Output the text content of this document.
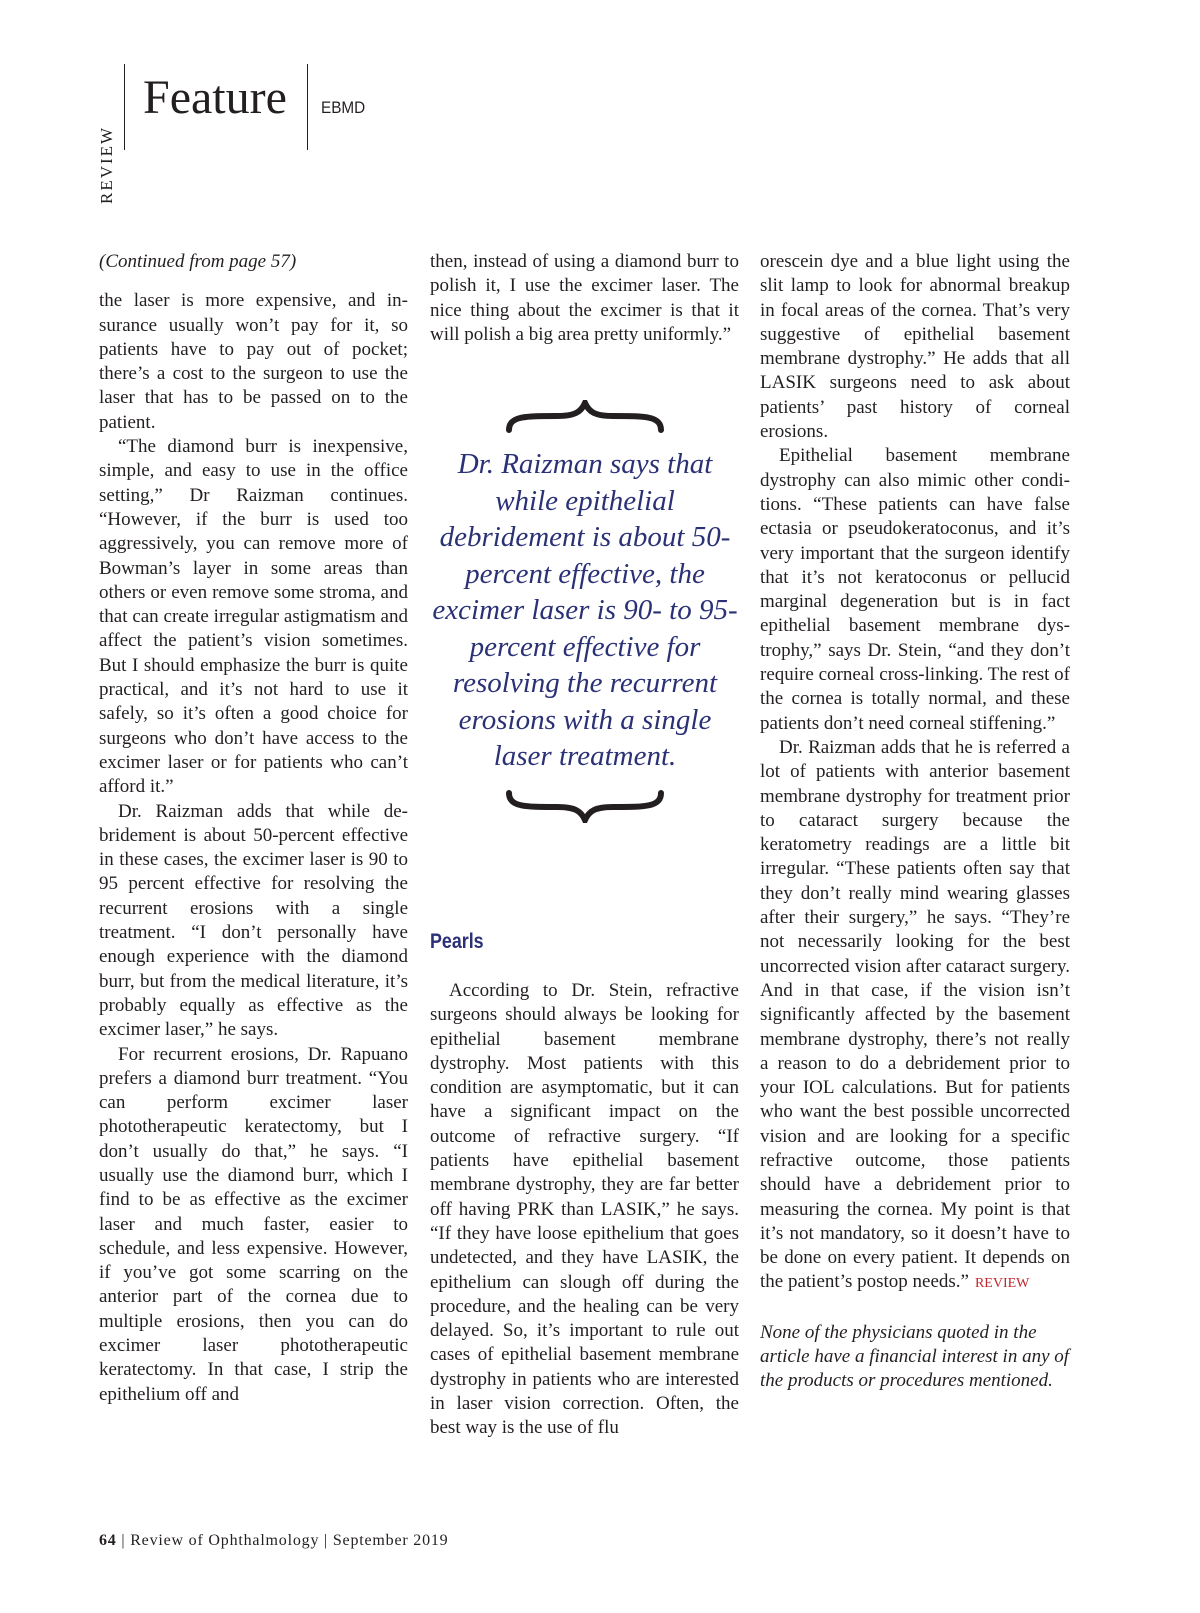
REVIEW
Feature EBMD

(Continued from page 57)

the laser is more expensive, and insurance usually won’t pay for it, so patients have to pay out of pocket; there’s a cost to the surgeon to use the laser that has to be passed on to the patient.

“The diamond burr is inexpensive, simple, and easy to use in the office setting,” Dr Raizman continues. “However, if the burr is used too aggressively, you can remove more of Bowman’s layer in some areas than others or even remove some stroma, and that can create irregular astigmatism and affect the patient’s vision sometimes. But I should emphasize the burr is quite practical, and it’s not hard to use it safely, so it’s often a good choice for surgeons who don’t have access to the excimer laser or for patients who can’t afford it.”

Dr. Raizman adds that while debridement is about 50-percent effective in these cases, the excimer laser is 90 to 95 percent effective for resolving the recurrent erosions with a single treatment. “I don’t personally have enough experience with the diamond burr, but from the medical literature, it’s probably equally as effective as the excimer laser,” he says.

For recurrent erosions, Dr. Rapuano prefers a diamond burr treatment. “You can perform excimer laser phototherapeutic keratectomy, but I don’t usually do that,” he says. “I usually use the diamond burr, which I find to be as effective as the excimer laser and much faster, easier to schedule, and less expensive. However, if you’ve got some scarring on the anterior part of the cornea due to multiple erosions, then you can do excimer laser phototherapeutic keratectomy. In that case, I strip the epithelium off and

then, instead of using a diamond burr to polish it, I use the excimer laser. The nice thing about the excimer is that it will polish a big area pretty uniformly.”

Dr. Raizman says that while epithelial debridement is about 50-percent effective, the excimer laser is 90- to 95-percent effective for resolving the recurrent erosions with a single laser treatment.
Pearls

According to Dr. Stein, refractive surgeons should always be looking for epithelial basement membrane dystrophy. Most patients with this condition are asymptomatic, but it can have a significant impact on the outcome of refractive surgery. “If patients have epithelial basement membrane dystrophy, they are far better off having PRK than LASIK,” he says. “If they have loose epithelium that goes undetected, and they have LASIK, the epithelium can slough off during the procedure, and the healing can be very delayed. So, it’s important to rule out cases of epithelial basement membrane dystrophy in patients who are interested in laser vision correction. Often, the best way is the use of flu

orescein dye and a blue light using the slit lamp to look for abnormal breakup in focal areas of the cornea. That’s very suggestive of epithelial basement membrane dystrophy.” He adds that all LASIK surgeons need to ask about patients’ past history of corneal erosions.

Epithelial basement membrane dystrophy can also mimic other conditions. “These patients can have false ectasia or pseudokeratoconus, and it’s very important that the surgeon identify that it’s not keratoconus or pellucid marginal degeneration but is in fact epithelial basement membrane dystrophy,” says Dr. Stein, “and they don’t require corneal cross-linking. The rest of the cornea is totally normal, and these patients don’t need corneal stiffening.”

Dr. Raizman adds that he is referred a lot of patients with anterior basement membrane dystrophy for treatment prior to cataract surgery because the keratometry readings are a little bit irregular. “These patients often say that they don’t really mind wearing glasses after their surgery,” he says. “They’re not necessarily looking for the best uncorrected vision after cataract surgery. And in that case, if the vision isn’t significantly affected by the basement membrane dystrophy, there’s not really a reason to do a debridement prior to your IOL calculations. But for patients who want the best possible uncorrected vision and are looking for a specific refractive outcome, those patients should have a debridement prior to measuring the cornea. My point is that it’s not mandatory, so it doesn’t have to be done on every patient. It depends on the patient’s postop needs.” REVIEW

None of the physicians quoted in the article have a financial interest in any of the products or procedures mentioned.

64 | Review of Ophthalmology | September 2019
